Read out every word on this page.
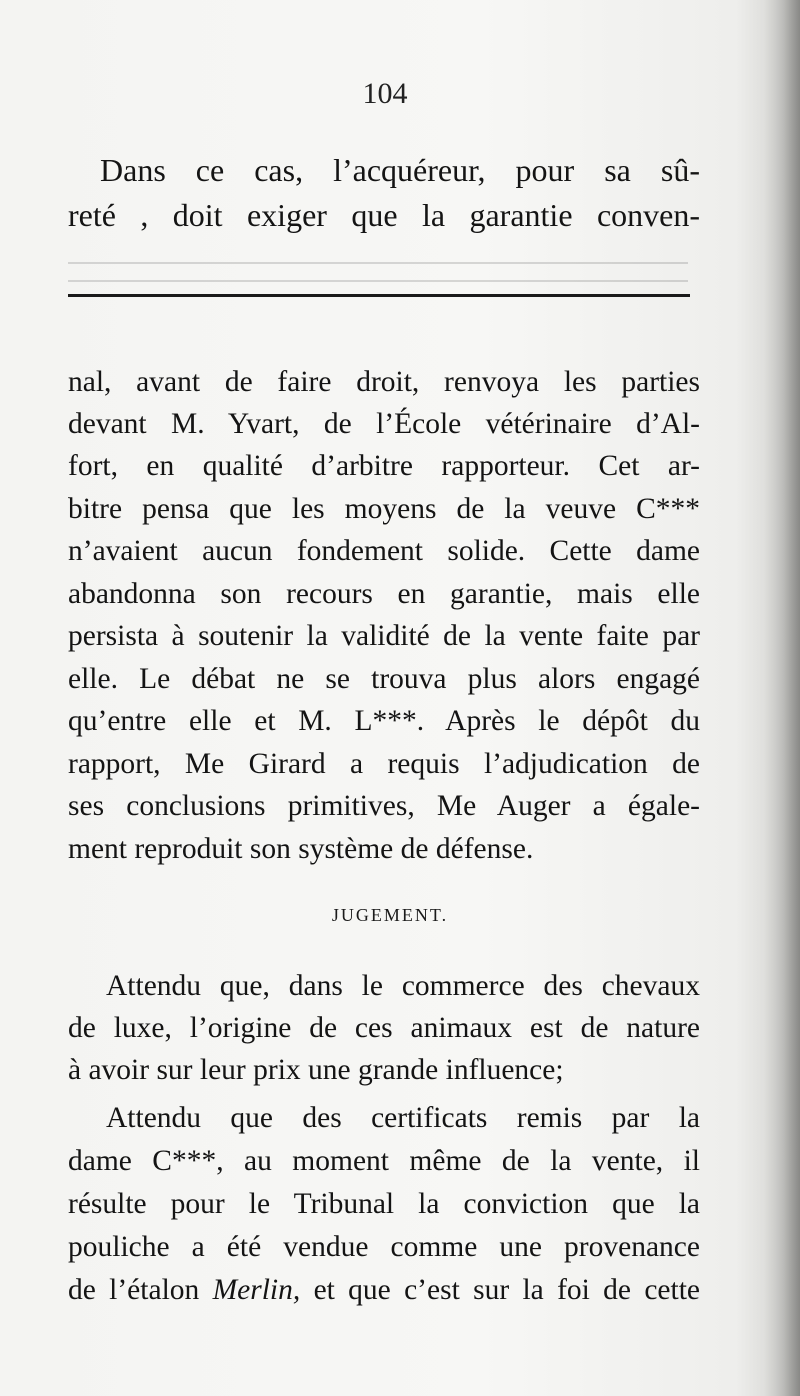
104
Dans ce cas, l’acquéreur, pour sa sû-
reté , doit exiger que la garantie conven-
nal, avant de faire droit, renvoya les parties
devant M. Yvart, de l’École vétérinaire d’Al-
fort, en qualité d’arbitre rapporteur. Cet ar-
bitre pensa que les moyens de la veuve C***
n’avaient aucun fondement solide. Cette dame
abandonna son recours en garantie, mais elle
persista à soutenir la validité de la vente faite par
elle. Le débat ne se trouva plus alors engagé
qu’entre elle et M. L***. Après le dépôt du
rapport, Me Girard a requis l’adjudication de
ses conclusions primitives, Me Auger a égale-
ment reproduit son système de défense.
JUGEMENT.
Attendu que, dans le commerce des chevaux
de luxe, l’origine de ces animaux est de nature
à avoir sur leur prix une grande influence;
Attendu que des certificats remis par la
dame C***, au moment même de la vente, il
résulte pour le Tribunal la conviction que la
pouliche a été vendue comme une provenance
de l’étalon Merlin, et que c’est sur la foi de cette
